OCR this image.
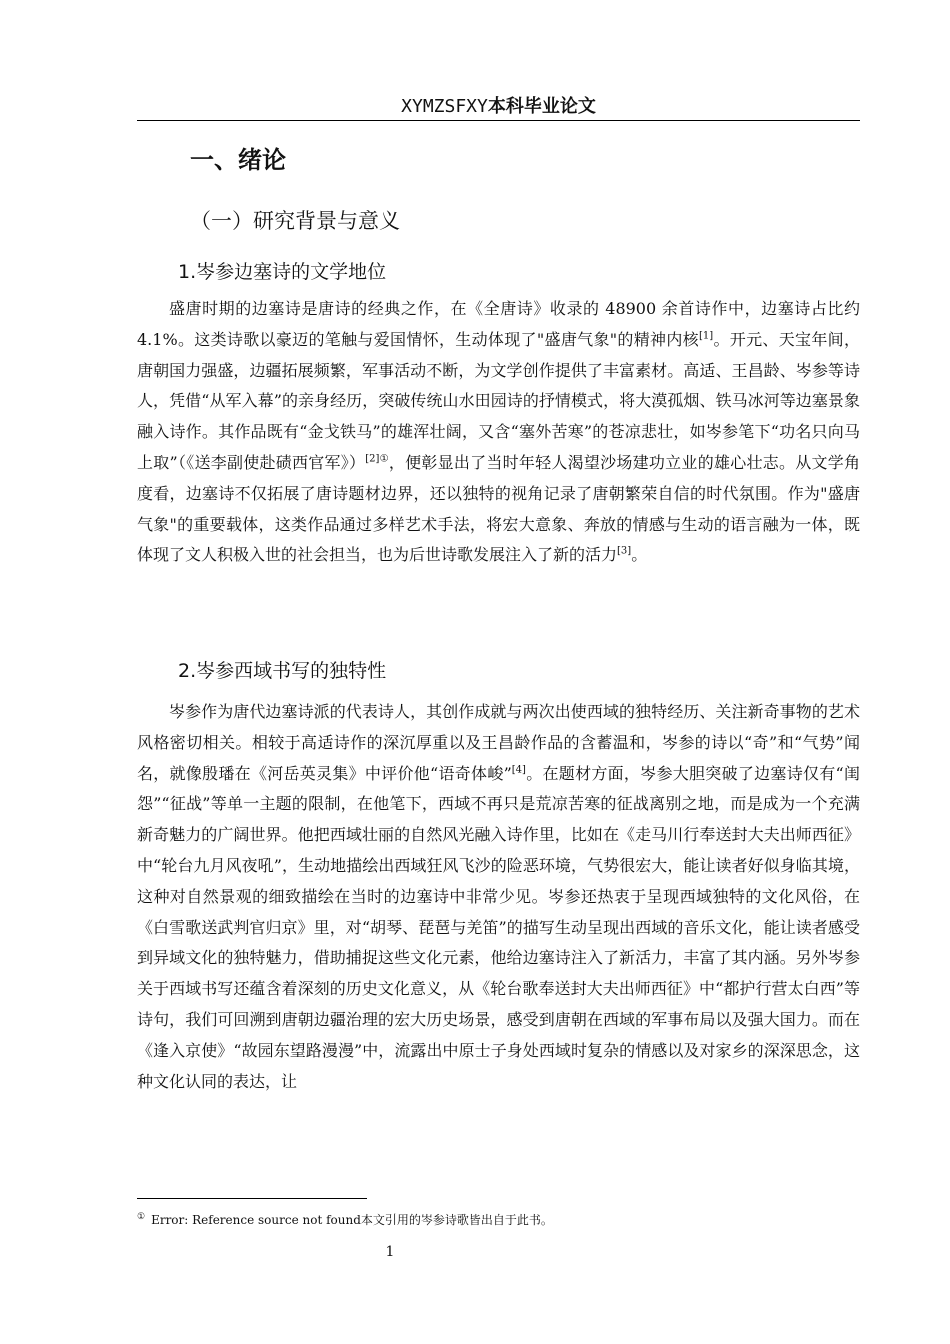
XYMZSFXY本科毕业论文
一、绪论
（一）研究背景与意义
1.岑参边塞诗的文学地位
盛唐时期的边塞诗是唐诗的经典之作，在《全唐诗》收录的 48900 余首诗作中，边塞诗占比约 4.1%。这类诗歌以豪迈的笔触与爱国情怀，生动体现了"盛唐气象"的精神内核[1]。开元、天宝年间，唐朝国力强盛，边疆拓展频繁，军事活动不断，为文学创作提供了丰富素材。高适、王昌龄、岑参等诗人，凭借“从军入幕”的亲身经历，突破传统山水田园诗的抒情模式，将大漠孤烟、铁马冰河等边塞景象融入诗作。其作品既有“金戈铁马”的雄浑壮阔，又含“塞外苦寒”的苍凉悲壮，如岑参笔下“功名只向马上取”（《送李副使赴碛西官军》）$^{[2]①}$，便彰显出了当时年轻人渴望沙场建功立业的雄心壮志。从文学角度看，边塞诗不仅拓展了唐诗题材边界，还以独特的视角记录了唐朝繁荣自信的时代氛围。作为"盛唐气象"的重要载体，这类作品通过多样艺术手法，将宏大意象、奔放的情感与生动的语言融为一体，既体现了文人积极入世的社会担当，也为后世诗歌发展注入了新的活力[3]。
2.岑参西域书写的独特性
岑参作为唐代边塞诗派的代表诗人，其创作成就与两次出使西域的独特经历、关注新奇事物的艺术风格密切相关。相较于高适诗作的深沉厚重以及王昌龄作品的含蓄温和，岑参的诗以“奇”和“气势”闻名，就像殷璠在《河岳英灵集》中评价他“语奇体峻”[4]。在题材方面，岑参大胆突破了边塞诗仅有“闺怨”“征战”等单一主题的限制，在他笔下，西域不再只是荒凉苦寒的征战离别之地，而是成为一个充满新奇魅力的广阔世界。他把西域壮丽的自然风光融入诗作里，比如在《走马川行奉送封大夫出师西征》中“轮台九月风夜吼”，生动地描绘出西域狂风飞沙的险恶环境，气势很宏大，能让读者好似身临其境，这种对自然景观的细致描绘在当时的边塞诗中非常少见。岑参还热衷于呈现西域独特的文化风俗，在《白雪歌送武判官归京》里，对“胡琴、琵琶与羌笛”的描写生动呈现出西域的音乐文化，能让读者感受到异域文化的独特魅力，借助捕捉这些文化元素，他给边塞诗注入了新活力，丰富了其内涵。另外岑参关于西域书写还蕴含着深刻的历史文化意义，从《轮台歌奉送封大夫出师西征》中“都护行营太白西”等诗句，我们可回溯到唐朝边疆治理的宏大历史场景，感受到唐朝在西域的军事布局以及强大国力。而在《逢入京使》“故园东望路漫漫”中，流露出中原士子身处西域时复杂的情感以及对家乡的深深思念，这种文化认同的表达，让
① Error: Reference source not found本文引用的岑参诗歌皆出自于此书。
1
